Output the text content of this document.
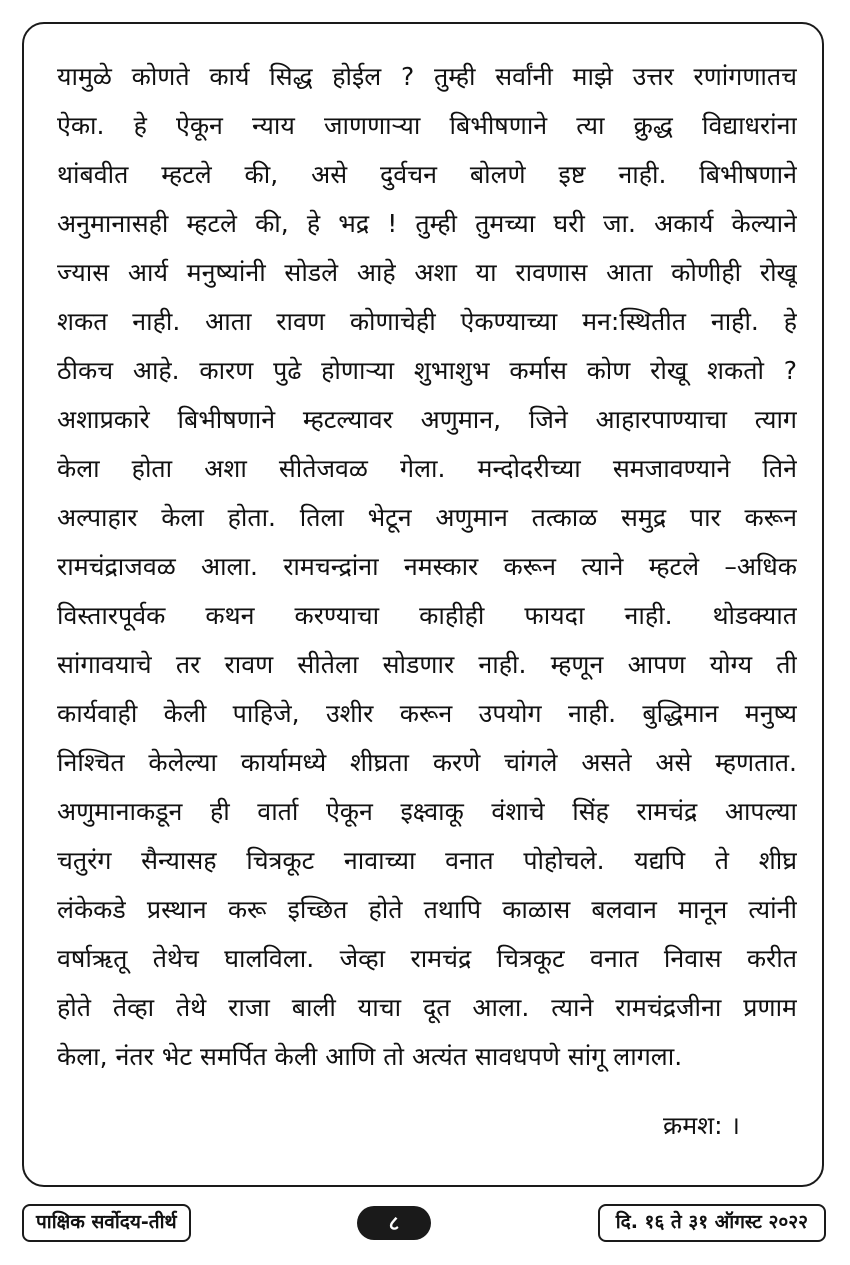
यामुळे कोणते कार्य सिद्ध होईल ? तुम्ही सर्वांनी माझे उत्तर रणांगणातच
ऐका. हे ऐकून न्याय जाणणाऱ्या बिभीषणाने त्या क्रुद्ध विद्याधरांना
थांबवीत म्हटले की, असे दुर्वचन बोलणे इष्ट नाही. बिभीषणाने
अनुमानासही म्हटले की, हे भद्र ! तुम्ही तुमच्या घरी जा. अकार्य केल्याने
ज्यास आर्य मनुष्यांनी सोडले आहे अशा या रावणास आता कोणीही रोखू
शकत नाही. आता रावण कोणाचेही ऐकण्याच्या मन:स्थितीत नाही. हे
ठीकच आहे. कारण पुढे होणाऱ्या शुभाशुभ कर्मास कोण रोखू शकतो ?
अशाप्रकारे बिभीषणाने म्हटल्यावर अणुमान, जिने आहारपाण्याचा त्याग
केला होता अशा सीतेजवळ गेला. मन्दोदरीच्या समजावण्याने तिने
अल्पाहार केला होता. तिला भेटून अणुमान तत्काळ समुद्र पार करून
रामचंद्राजवळ आला. रामचन्द्रांना नमस्कार करून त्याने म्हटले –अधिक
विस्तारपूर्वक कथन करण्याचा काहीही फायदा नाही. थोडक्यात
सांगावयाचे तर रावण सीतेला सोडणार नाही. म्हणून आपण योग्य ती
कार्यवाही केली पाहिजे, उशीर करून उपयोग नाही. बुद्धिमान मनुष्य
निश्चित केलेल्या कार्यामध्ये शीघ्रता करणे चांगले असते असे म्हणतात.
अणुमानाकडून ही वार्ता ऐकून इक्ष्वाकू वंशाचे सिंह रामचंद्र आपल्या
चतुरंग सैन्यासह चित्रकूट नावाच्या वनात पोहोचले. यद्यपि ते शीघ्र
लंकेकडे प्रस्थान करू इच्छित होते तथापि काळास बलवान मानून त्यांनी
वर्षाऋतू तेथेच घालविला. जेव्हा रामचंद्र चित्रकूट वनात निवास करीत
होते तेव्हा तेथे राजा बाली याचा दूत आला. त्याने रामचंद्रजीना प्रणाम
केला, नंतर भेट समर्पित केली आणि तो अत्यंत सावधपणे सांगू लागला.
क्रमश: ।
पाक्षिक सर्वोदय-तीर्थ	८	दि. १६ ते ३१ ऑगस्ट २०२२
